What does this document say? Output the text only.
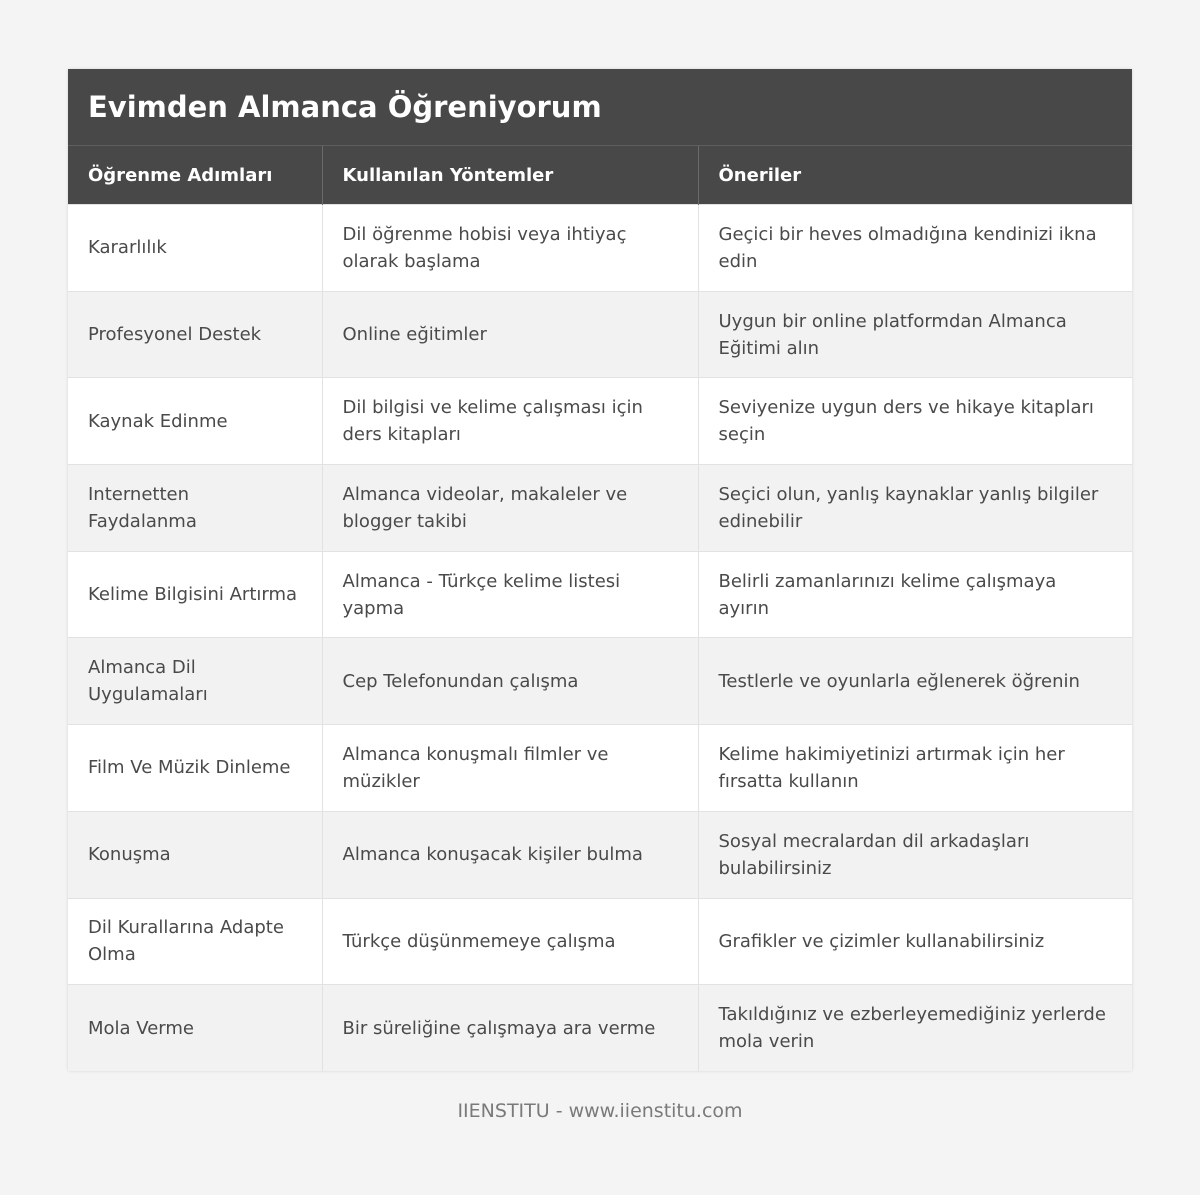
Evimden Almanca Öğreniyorum
Öğrenme Adımları	Kullanılan Yöntemler	Öneriler
Kararlılık	Dil öğrenme hobisi veya ihtiyaç olarak başlama	Geçici bir heves olmadığına kendinizi ikna edin
Profesyonel Destek	Online eğitimler	Uygun bir online platformdan Almanca Eğitimi alın
Kaynak Edinme	Dil bilgisi ve kelime çalışması için ders kitapları	Seviyenize uygun ders ve hikaye kitapları seçin
Internetten Faydalanma	Almanca videolar, makaleler ve blogger takibi	Seçici olun, yanlış kaynaklar yanlış bilgiler edinebilir
Kelime Bilgisini Artırma	Almanca - Türkçe kelime listesi yapma	Belirli zamanlarınızı kelime çalışmaya ayırın
Almanca Dil Uygulamaları	Cep Telefonundan çalışma	Testlerle ve oyunlarla eğlenerek öğrenin
Film Ve Müzik Dinleme	Almanca konuşmalı filmler ve müzikler	Kelime hakimiyetinizi artırmak için her fırsatta kullanın
Konuşma	Almanca konuşacak kişiler bulma	Sosyal mecralardan dil arkadaşları bulabilirsiniz
Dil Kurallarına Adapte Olma	Türkçe düşünmemeye çalışma	Grafikler ve çizimler kullanabilirsiniz
Mola Verme	Bir süreliğine çalışmaya ara verme	Takıldığınız ve ezberleyemediğiniz yerlerde mola verin
IIENSTITU - www.iienstitu.com
